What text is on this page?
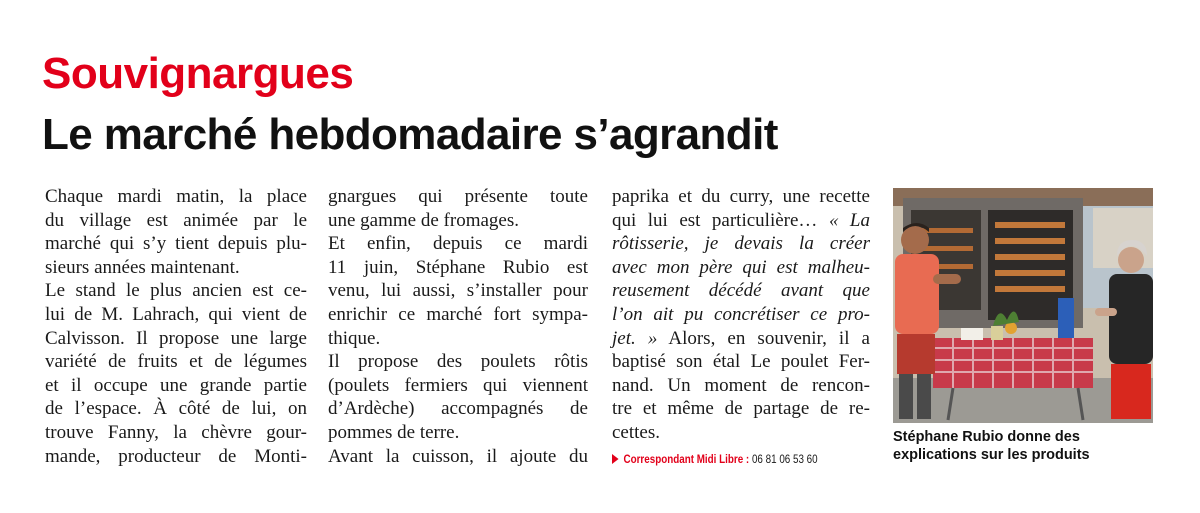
Souvignargues
Le marché hebdomadaire s’agrandit
Chaque mardi matin, la place
du village est animée par le
marché qui s’y tient depuis plu-
sieurs années maintenant.
Le stand le plus ancien est ce-
lui de M. Lahrach, qui vient de
Calvisson. Il propose une large
variété de fruits et de légumes
et il occupe une grande partie
de l’espace. À côté de lui, on
trouve Fanny, la chèvre gour-
mande, producteur de Monti-
gnargues qui présente toute
une gamme de fromages.
Et enfin, depuis ce mardi
11 juin, Stéphane Rubio est
venu, lui aussi, s’installer pour
enrichir ce marché fort sympa-
thique.
Il propose des poulets rôtis
(poulets fermiers qui viennent
d’Ardèche) accompagnés de
pommes de terre.
Avant la cuisson, il ajoute du
paprika et du curry, une recette
qui lui est particulière… « La
rôtisserie, je devais la créer
avec mon père qui est malheu-
reusement décédé avant que
l’on ait pu concrétiser ce pro-
jet. » Alors, en souvenir, il a
baptisé son étal Le poulet Fer-
nand. Un moment de rencon-
tre et même de partage de re-
cettes.
Correspondant Midi Libre : 06 81 06 53 60
Stéphane Rubio donne des explications sur les produits
